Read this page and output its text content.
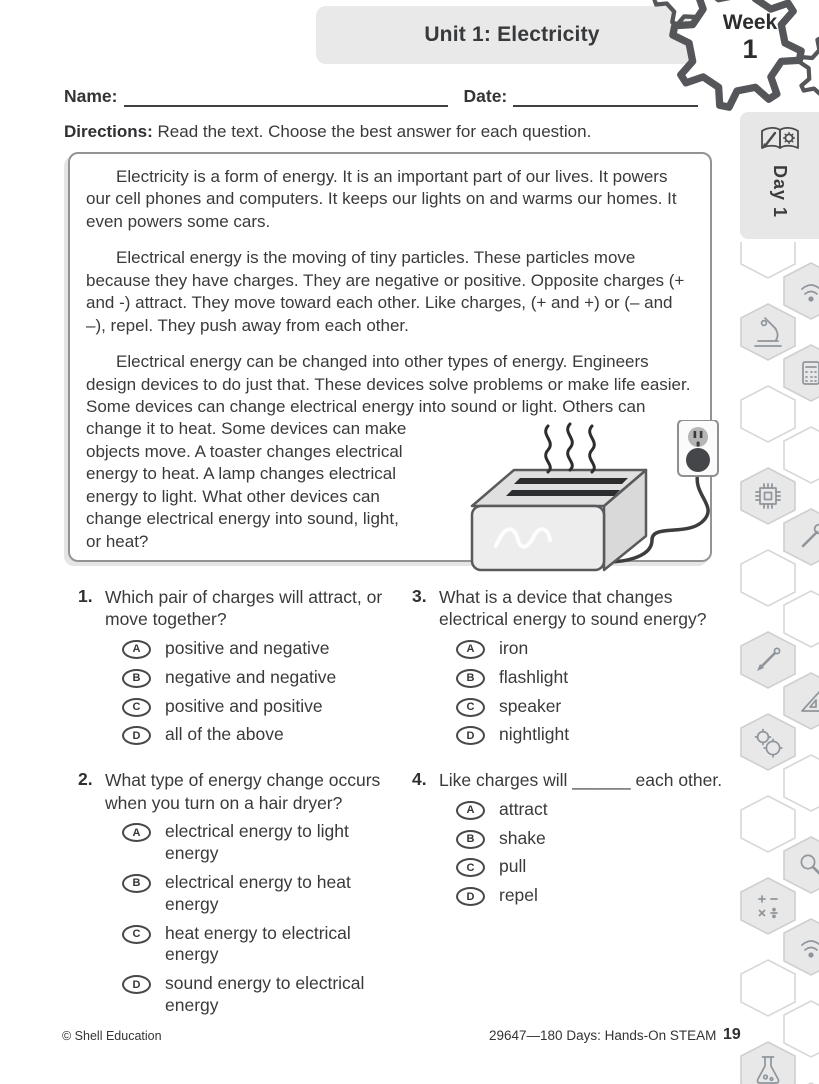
Unit 1: Electricity
Week
1
Name:	Date:
Directions: Read the text. Choose the best answer for each question.

Electricity is a form of energy. It is an important part of our lives. It powers our cell phones and computers. It keeps our lights on and warms our homes. It even powers some cars.

Electrical energy is the moving of tiny particles. These particles move because they have charges. They are negative or positive. Opposite charges (+ and -) attract. They move toward each other. Like charges, (+ and +) or (– and –), repel. They push away from each other.

Electrical energy can be changed into other types of energy. Engineers design devices to do just that. These devices solve problems or make life easier. Some devices can change electrical energy into sound or light.
Others can change it to heat. Some devices can make objects move. A toaster changes electrical energy to heat. A lamp changes electrical energy to light. What other devices can change electrical energy into sound, light, or heat?

1. Which pair of charges will attract, or move together?
A	positive and negative
B	negative and negative
C	positive and positive
D	all of the above
3. What is a device that changes electrical energy to sound energy?
A	iron
B	flashlight
C	speaker
D	nightlight
2. What type of energy change occurs when you turn on a hair dryer?
A	electrical energy to light energy
B	electrical energy to heat energy
C	heat energy to electrical energy
D	sound energy to electrical energy
4. Like charges will ______ each other.
A	attract
B	shake
C	pull
D	repel
Day 1
© Shell Education	29647—180 Days: Hands-On STEAM 19
